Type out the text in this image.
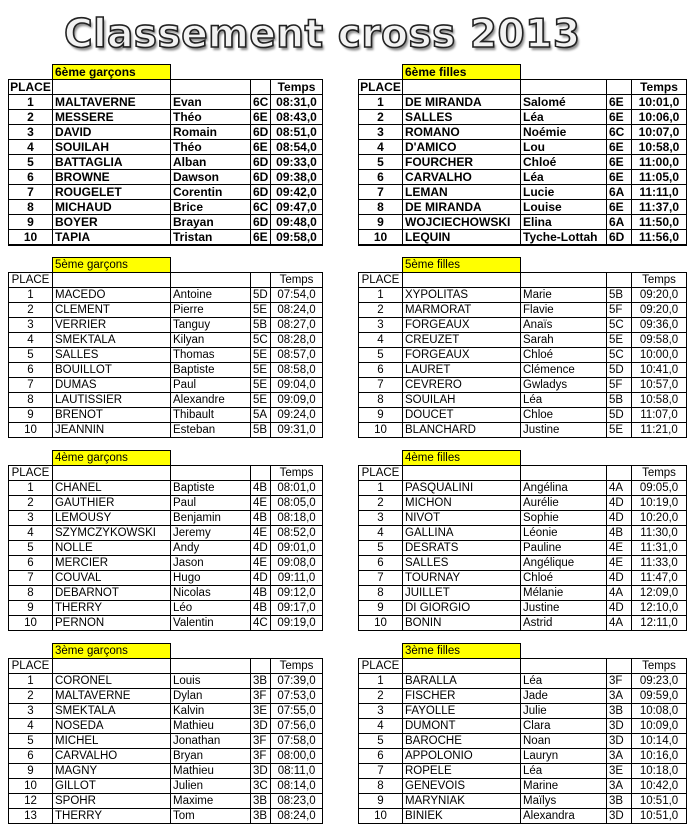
Classement cross 2013
	6ème garçons			
PLACE				Temps
1	MALTAVERNE	Evan	6C	08:31,0
2	MESSERE	Théo	6E	08:43,0
3	DAVID	Romain	6D	08:51,0
4	SOUILAH	Théo	6E	08:54,0
5	BATTAGLIA	Alban	6D	09:33,0
6	BROWNE	Dawson	6D	09:38,0
7	ROUGELET	Corentin	6D	09:42,0
8	MICHAUD	Brice	6C	09:47,0
9	BOYER	Brayan	6D	09:48,0
10	TAPIA	Tristan	6E	09:58,0
	6ème filles			
PLACE				Temps
1	DE MIRANDA	Salomé	6E	10:01,0
2	SALLES	Léa	6E	10:06,0
3	ROMANO	Noémie	6C	10:07,0
4	D'AMICO	Lou	6E	10:58,0
5	FOURCHER	Chloé	6E	11:00,0
6	CARVALHO	Léa	6E	11:05,0
7	LEMAN	Lucie	6A	11:11,0
8	DE MIRANDA	Louise	6E	11:37,0
9	WOJCIECHOWSKI	Elina	6A	11:50,0
10	LEQUIN	Tyche-Lottah	6D	11:56,0
	5ème garçons			
PLACE				Temps
1	MACEDO	Antoine	5D	07:54,0
2	CLEMENT	Pierre	5E	08:24,0
3	VERRIER	Tanguy	5B	08:27,0
4	SMEKTALA	Kilyan	5C	08:28,0
5	SALLES	Thomas	5E	08:57,0
6	BOUILLOT	Baptiste	5E	08:58,0
7	DUMAS	Paul	5E	09:04,0
8	LAUTISSIER	Alexandre	5E	09:09,0
9	BRENOT	Thibault	5A	09:24,0
10	JEANNIN	Esteban	5B	09:31,0
	5ème filles			
PLACE				Temps
1	XYPOLITAS	Marie	5B	09:20,0
2	MARMORAT	Flavie	5F	09:20,0
3	FORGEAUX	Anaïs	5C	09:36,0
4	CREUZET	Sarah	5E	09:58,0
5	FORGEAUX	Chloé	5C	10:00,0
6	LAURET	Clémence	5D	10:41,0
7	CEVRERO	Gwladys	5F	10:57,0
8	SOUILAH	Léa	5B	10:58,0
9	DOUCET	Chloe	5D	11:07,0
10	BLANCHARD	Justine	5E	11:21,0
	4ème garçons			
PLACE				Temps
1	CHANEL	Baptiste	4B	08:01,0
2	GAUTHIER	Paul	4E	08:05,0
3	LEMOUSY	Benjamin	4B	08:18,0
4	SZYMCZYKOWSKI	Jeremy	4E	08:52,0
5	NOLLE	Andy	4D	09:01,0
6	MERCIER	Jason	4E	09:08,0
7	COUVAL	Hugo	4D	09:11,0
8	DEBARNOT	Nicolas	4B	09:12,0
9	THERRY	Léo	4B	09:17,0
10	PERNON	Valentin	4C	09:19,0
	4ème filles			
PLACE				Temps
1	PASQUALINI	Angélina	4A	09:05,0
2	MICHON	Aurélie	4D	10:19,0
3	NIVOT	Sophie	4D	10:20,0
4	GALLINA	Léonie	4B	11:30,0
5	DESRATS	Pauline	4E	11:31,0
6	SALLES	Angélique	4E	11:33,0
7	TOURNAY	Chloé	4D	11:47,0
8	JUILLET	Mélanie	4A	12:09,0
9	DI GIORGIO	Justine	4D	12:10,0
10	BONIN	Astrid	4A	12:11,0
	3ème garçons			
PLACE				Temps
1	CORONEL	Louis	3B	07:39,0
2	MALTAVERNE	Dylan	3F	07:53,0
3	SMEKTALA	Kalvin	3E	07:55,0
4	NOSEDA	Mathieu	3D	07:56,0
5	MICHEL	Jonathan	3F	07:58,0
6	CARVALHO	Bryan	3F	08:00,0
9	MAGNY	Mathieu	3D	08:11,0
10	GILLOT	Julien	3C	08:14,0
12	SPOHR	Maxime	3B	08:23,0
13	THERRY	Tom	3B	08:24,0
	3ème filles			
PLACE				Temps
1	BARALLA	Léa	3F	09:23,0
2	FISCHER	Jade	3A	09:59,0
3	FAYOLLE	Julie	3B	10:08,0
4	DUMONT	Clara	3D	10:09,0
5	BAROCHE	Noan	3D	10:14,0
6	APPOLONIO	Lauryn	3A	10:16,0
7	ROPELE	Léa	3E	10:18,0
8	GENEVOIS	Marine	3A	10:42,0
9	MARYNIAK	Maïlys	3B	10:51,0
10	BINIEK	Alexandra	3D	10:51,0
